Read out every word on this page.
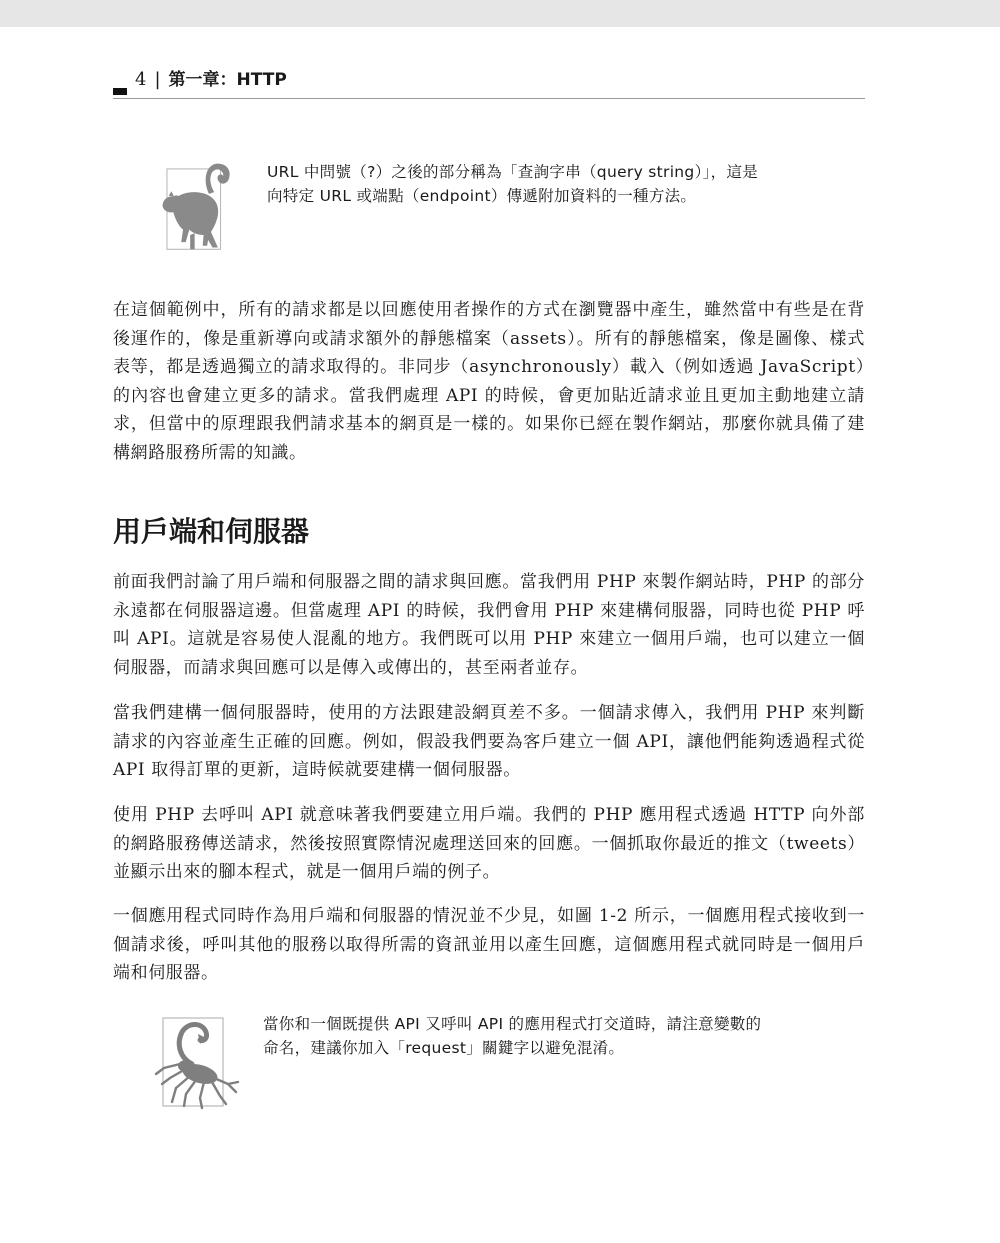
4 | 第一章：HTTP

URL 中問號（?）之後的部分稱為「查詢字串（query string）」，這是

向特定 URL 或端點（endpoint）傳遞附加資料的一種方法。

在這個範例中，所有的請求都是以回應使用者操作的方式在瀏覽器中產生，雖然當中有些是在背後運作的，像是重新導向或請求額外的靜態檔案（assets）。所有的靜態檔案，像是圖像、樣式表等，都是透過獨立的請求取得的。非同步（asynchronously）載入（例如透過 JavaScript）的內容也會建立更多的請求。當我們處理 API 的時候，會更加貼近請求並且更加主動地建立請求，但當中的原理跟我們請求基本的網頁是一樣的。如果你已經在製作網站，那麼你就具備了建構網路服務所需的知識。

用戶端和伺服器

前面我們討論了用戶端和伺服器之間的請求與回應。當我們用 PHP 來製作網站時，PHP 的部分永遠都在伺服器這邊。但當處理 API 的時候，我們會用 PHP 來建構伺服器，同時也從 PHP 呼叫 API。這就是容易使人混亂的地方。我們既可以用 PHP 來建立一個用戶端，也可以建立一個伺服器，而請求與回應可以是傳入或傳出的，甚至兩者並存。

當我們建構一個伺服器時，使用的方法跟建設網頁差不多。一個請求傳入，我們用 PHP 來判斷請求的內容並產生正確的回應。例如，假設我們要為客戶建立一個 API，讓他們能夠透過程式從 API 取得訂單的更新，這時候就要建構一個伺服器。

使用 PHP 去呼叫 API 就意味著我們要建立用戶端。我們的 PHP 應用程式透過 HTTP 向外部的網路服務傳送請求，然後按照實際情況處理送回來的回應。一個抓取你最近的推文（tweets）並顯示出來的腳本程式，就是一個用戶端的例子。

一個應用程式同時作為用戶端和伺服器的情況並不少見，如圖 1-2 所示，一個應用程式接收到一個請求後，呼叫其他的服務以取得所需的資訊並用以產生回應，這個應用程式就同時是一個用戶端和伺服器。

當你和一個既提供 API 又呼叫 API 的應用程式打交道時，請注意變數的

命名，建議你加入「request」關鍵字以避免混淆。
